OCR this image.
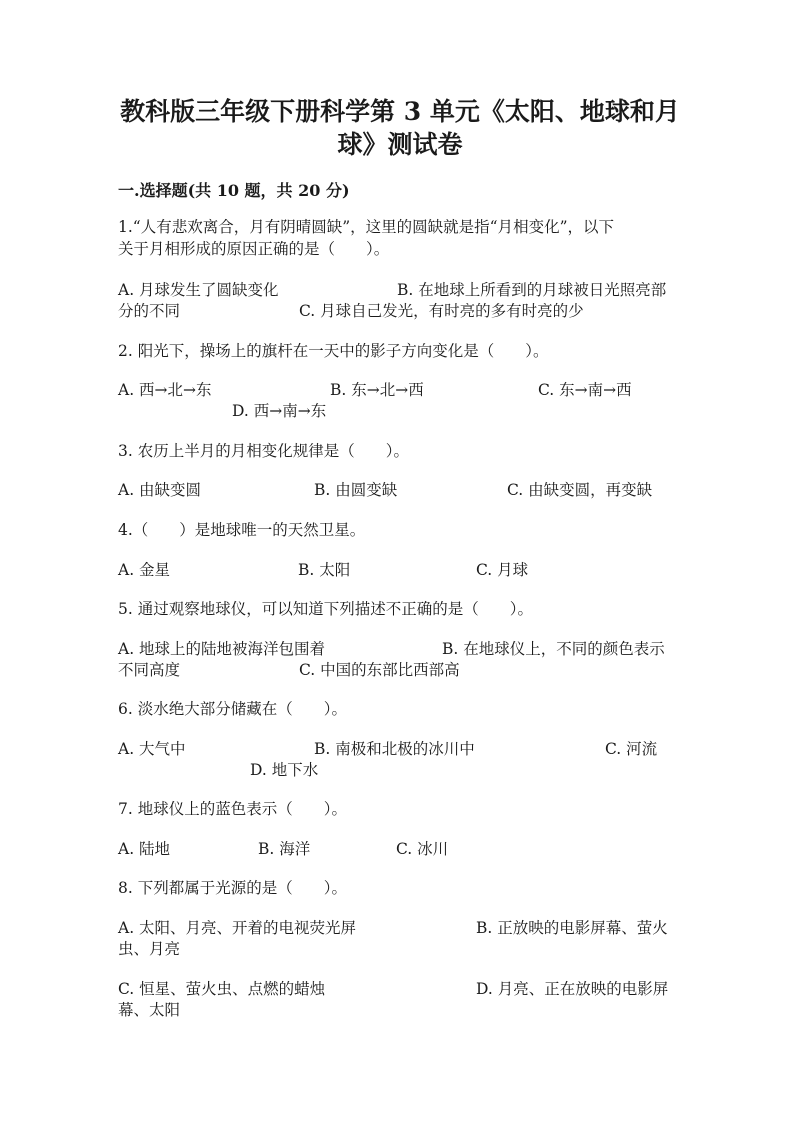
教科版三年级下册科学第 3 单元《太阳、地球和月
球》测试卷
一.选择题(共 10 题，共 20 分)
1.“人有悲欢离合，月有阴晴圆缺”，这里的圆缺就是指“月相变化”，以下
关于月相形成的原因正确的是（　　）。
A. 月球发生了圆缺变化	B. 在地球上所看到的月球被日光照亮部
分的不同	C. 月球自己发光，有时亮的多有时亮的少
2. 阳光下，操场上的旗杆在一天中的影子方向变化是（　　）。
A. 西→北→东	B. 东→北→西	C. 东→南→西
D. 西→南→东
3. 农历上半月的月相变化规律是（　　）。
A. 由缺变圆	B. 由圆变缺	C. 由缺变圆，再变缺
4.（　　）是地球唯一的天然卫星。
A. 金星	B. 太阳	C. 月球
5. 通过观察地球仪，可以知道下列描述不正确的是（　　）。
A. 地球上的陆地被海洋包围着	B. 在地球仪上，不同的颜色表示
不同高度	C. 中国的东部比西部高
6. 淡水绝大部分储藏在（　　）。
A. 大气中	B. 南极和北极的冰川中	C. 河流
D. 地下水
7. 地球仪上的蓝色表示（　　）。
A. 陆地	B. 海洋	C. 冰川
8. 下列都属于光源的是（　　）。
A. 太阳、月亮、开着的电视荧光屏	B. 正放映的电影屏幕、萤火
虫、月亮
C. 恒星、萤火虫、点燃的蜡烛	D. 月亮、正在放映的电影屏
幕、太阳
